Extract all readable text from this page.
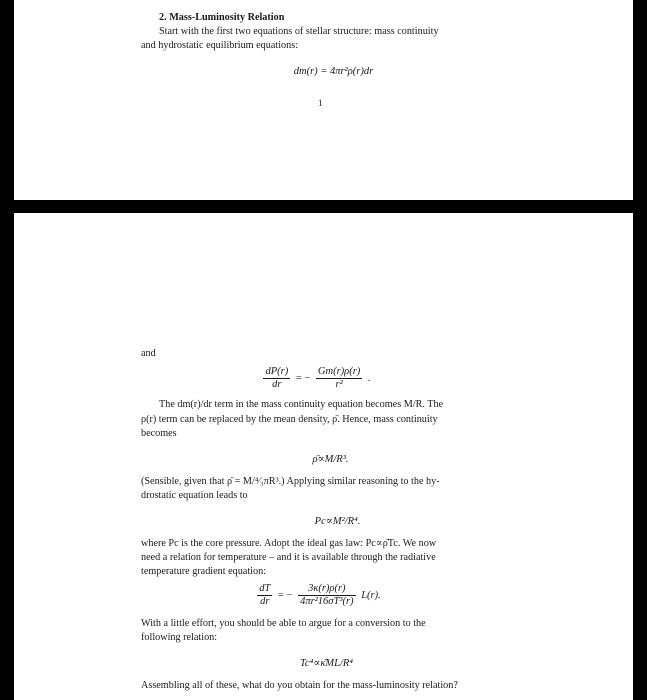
2. Mass-Luminosity Relation
Start with the first two equations of stellar structure: mass continuity
and hydrostatic equilibrium equations:
dm(r) = 4πr²ρ(r)dr
1
and
$\frac{dP(r)}{dr}$ = − $\frac{Gm(r)\rho(r)}{\text{r²}}$ .
The dm(r)/dr term in the mass continuity equation becomes M/R. The
ρ(r) term can be replaced by the mean density, ρ̄. Hence, mass continuity
becomes
ρ̄∝M/R³.
(Sensible, given that ρ̄ = M/⁴⁄₃πR³.) Applying similar reasoning to the hy-
drostatic equation leads to
Pc∝M²/R⁴.
where Pc is the core pressure. Adopt the ideal gas law: Pc∝ρ̄Tc. We now
need a relation for temperature – and it is available through the radiative
temperature gradient equation:
$\frac{dT}{dr}$ = − $\frac{3\kappa(r)\rho(r)}{\text{4πr²16σT³(r)}} L(r)$.
With a little effort, you should be able to argue for a conversion to the
following relation:
Tc⁴∝κ̄ML/R⁴
Assembling all of these, what do you obtain for the mass-luminosity relation?
